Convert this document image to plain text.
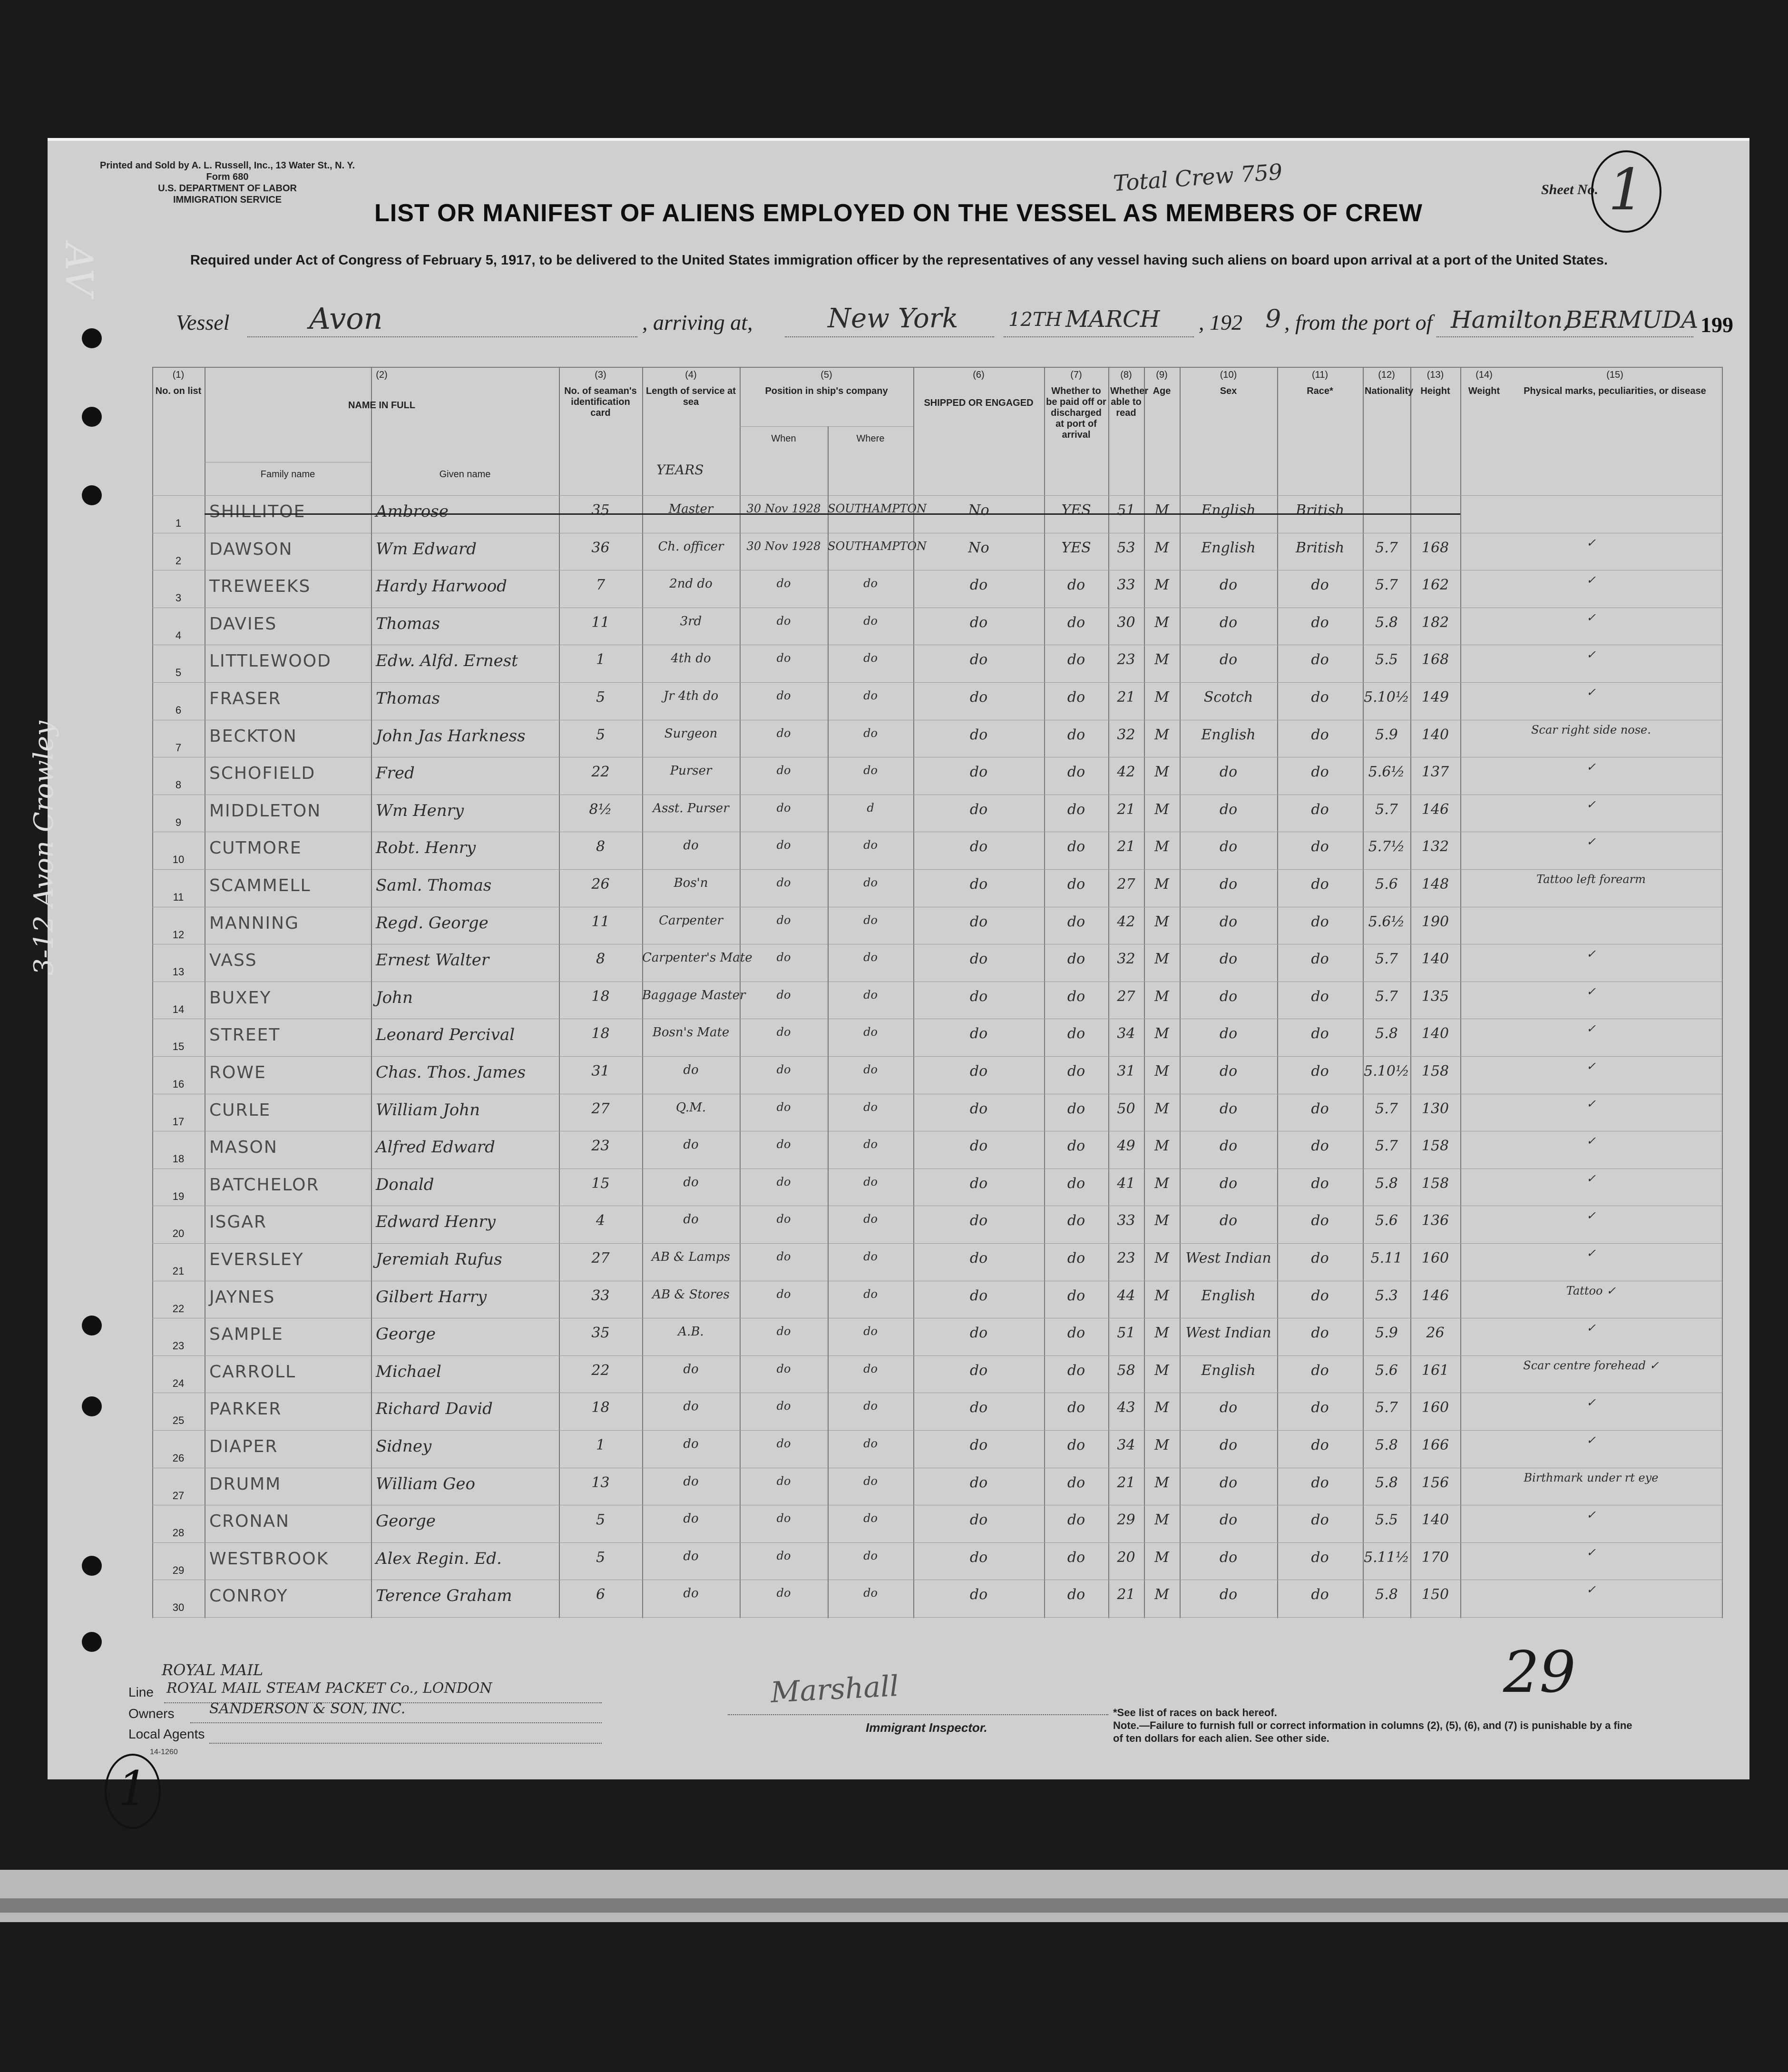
Printed and Sold by A. L. Russell, Inc., 13 Water St., N. Y.
Form 680
U.S. DEPARTMENT OF LABOR
IMMIGRATION SERVICE
Total Crew 759	Sheet No. 1
LIST OR MANIFEST OF ALIENS EMPLOYED ON THE VESSEL AS MEMBERS OF CREW
Required under Act of Congress of February 5, 1917, to be delivered to the United States immigration officer by the representatives of any vessel having such aliens on board upon arrival at a port of the United States.
Vessel	Avon	, arriving at,	New York	12TH MARCH , 192 9 , from the port of Hamilton,
BERMUDA 199
(1)
No. on list
(2)
NAME IN FULL
(3)
No. of seaman's identification card
(4)
Length of service at sea
(5)
Position in ship's company
(6)
SHIPPED OR ENGAGED
(7)
Whether to be paid off or discharged at port of arrival
(8)
Whether able to read
(9)
Age
(10)
Sex
(11)
Race*
(12)
Nationality
(13)
Height
(14)
Weight
(15)
Physical marks, peculiarities, or disease
Family name	Given name
When	Where
YEARS
1
SHILLITOE	Ambrose	35	Master	30 Nov 1928 SOUTHAMPTON	No	YES	51	M	English	British
2
DAWSON	Wm Edward	36	Ch. officer	30 Nov 1928 SOUTHAMPTON	No	YES	53	M	English	British	5.7	168	✓
3
TREWEEKS	Hardy Harwood	7	2nd do	do	do	do	do	33	M	do	do	5.7	162	✓
4
DAVIES	Thomas	11	3rd	do	do	do	do	30	M	do	do	5.8	182	✓
5
LITTLEWOOD	Edw. Alfd. Ernest	1	4th do	do	do	do	do	23	M	do	do	5.5	168	✓
6
FRASER	Thomas	5	Jr 4th do	do	do	do	do	21	M	Scotch	do	5.10½ 149	✓
7
BECKTON	John Jas Harkness	5	Surgeon	do	do	do	do	32	M	English	do	5.9	140	Scar right side nose.
8
SCHOFIELD	Fred	22	Purser	do	do	do	do	42	M	do	do	5.6½	137	✓
9
MIDDLETON	Wm Henry	8½	Asst. Purser	do	d	do	do	21	M	do	do	5.7	146	✓
10
CUTMORE	Robt. Henry	8	do	do	do	do	do	21	M	do	do	5.7½	132	✓
11
SCAMMELL	Saml. Thomas	26	Bos'n	do	do	do	do	27	M	do	do	5.6	148	Tattoo left forearm
12
MANNING	Regd. George	11	Carpenter	do	do	do	do	42	M	do	do	5.6½	190
13
VASS	Ernest Walter	8	Carpenter's Mate	do	do	do	do	32	M	do	do	5.7	140	✓
14
BUXEY	John	18	Baggage Master	do	do	do	do	27	M	do	do	5.7	135	✓
15
STREET	Leonard Percival	18	Bosn's Mate	do	do	do	do	34	M	do	do	5.8	140	✓
16
ROWE	Chas. Thos. James	31	do	do	do	do	do	31	M	do	do	5.10½ 158	✓
17
CURLE	William John	27	Q.M.	do	do	do	do	50	M	do	do	5.7	130	✓
18
MASON	Alfred Edward	23	do	do	do	do	do	49	M	do	do	5.7	158	✓
19
BATCHELOR	Donald	15	do	do	do	do	do	41	M	do	do	5.8	158	✓
20
ISGAR	Edward Henry	4	do	do	do	do	do	33	M	do	do	5.6	136	✓
21
EVERSLEY	Jeremiah Rufus	27	AB & Lamps	do	do	do	do	23	M	West Indian	do	5.11	160	✓
22
JAYNES	Gilbert Harry	33	AB & Stores	do	do	do	do	44	M	English	do	5.3	146	Tattoo ✓
23
SAMPLE	George	35	A.B.	do	do	do	do	51	M	West Indian	do	5.9	26	✓
24
CARROLL	Michael	22	do	do	do	do	do	58	M	English	do	5.6	161	Scar centre forehead ✓
25
PARKER	Richard David	18	do	do	do	do	do	43	M	do	do	5.7	160	✓
26
DIAPER	Sidney	1	do	do	do	do	do	34	M	do	do	5.8	166	✓
27
DRUMM	William Geo	13	do	do	do	do	do	21	M	do	do	5.8	156	Birthmark under rt eye
28
CRONAN	George	5	do	do	do	do	do	29	M	do	do	5.5	140	✓
29
WESTBROOK	Alex Regin. Ed.	5	do	do	do	do	do	20	M	do	do	5.11½ 170	✓
30
CONROY	Terence Graham	6	do	do	do	do	do	21	M	do	do	5.8	150	✓
ROYAL MAIL
Line ROYAL MAIL STEAM PACKET Co., LONDON
Owners SANDERSON & SON, INC.
Local Agents
14-1260
Marshall
Immigrant Inspector.
29
*See list of races on back hereof.
Note.—Failure to furnish full or correct information in columns (2), (5), (6), and (7) is punishable by a fine of ten dollars for each alien. See other side.
1
3-12 Avon Crowley
AV
